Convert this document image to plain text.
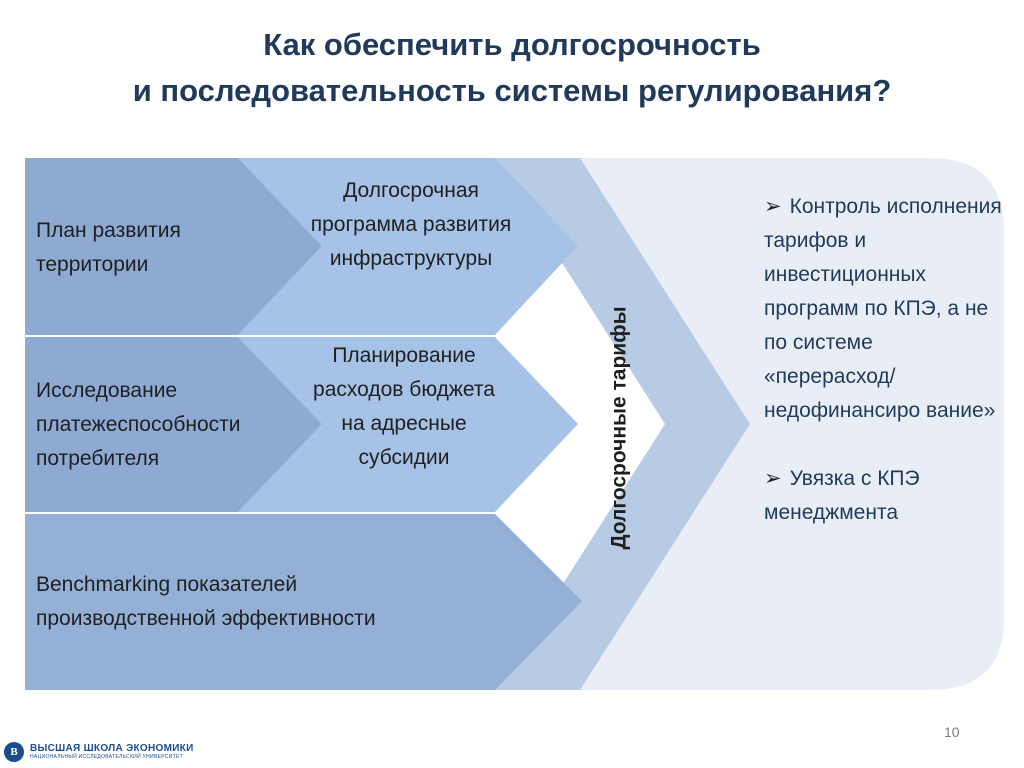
Как обеспечить долгосрочность
и последовательность системы регулирования?
План развития территории
Долгосрочная программа развития инфраструктуры
Исследование платежеспособности потребителя
Планирование расходов бюджета на адресные субсидии
Benchmarking показателей производственной эффективности
Долгосрочные тарифы
➢ Контроль исполнения тарифов и инвестиционных программ по КПЭ, а не по системе «перерасход/ недофинансиро вание»
➢ Увязка с КПЭ менеджмента
10
В	ВЫСШАЯ ШКОЛА ЭКОНОМИКИ
НАЦИОНАЛЬНЫЙ ИССЛЕДОВАТЕЛЬСКИЙ УНИВЕРСИТЕТ
